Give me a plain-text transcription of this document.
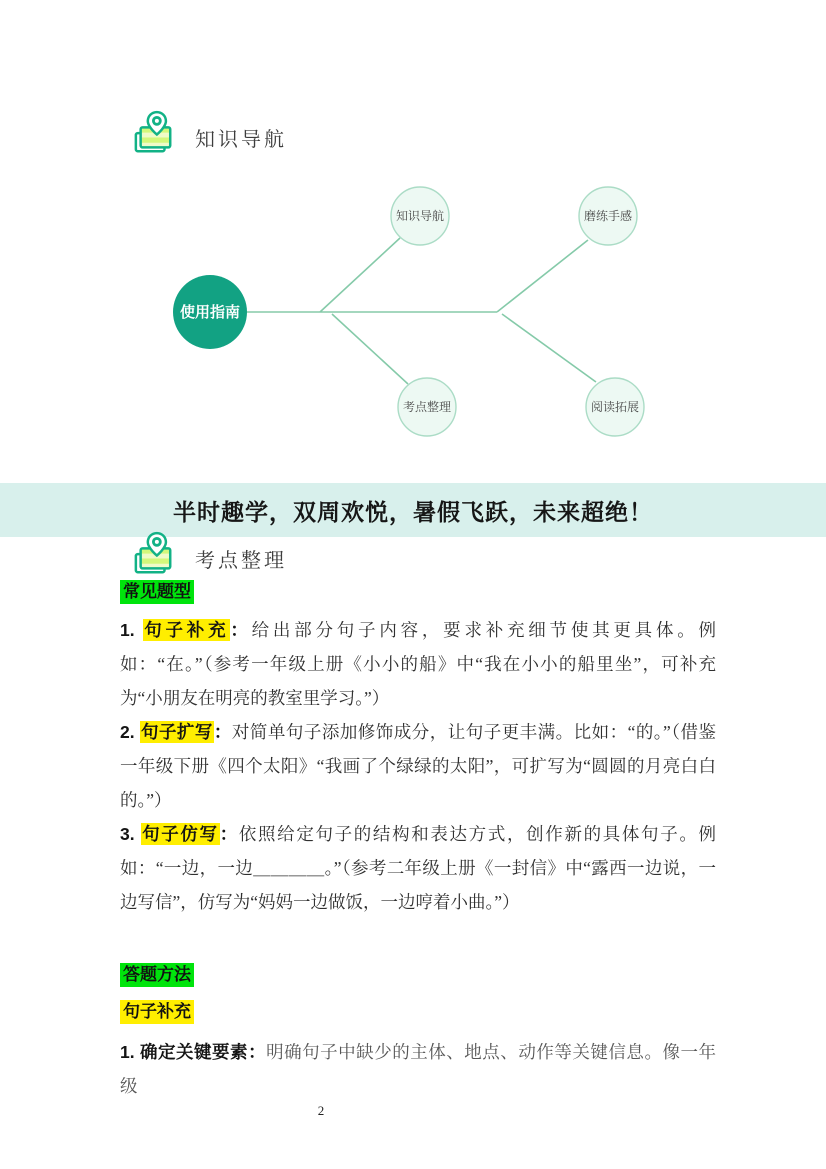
知识导航
知识导航	磨练手感
考点整理	阅读拓展
使用指南
半时趣学，双周欢悦，暑假飞跃，未来超绝！
考点整理
常见题型

1. 句子补充：给出部分句子内容，要求补充细节使其更具体。例如：“在。”（参考一年级上册《小小的船》中“我在小小的船里坐”，可补充为“小朋友在明亮的教室里学习。”）

2. 句子扩写：对简单句子添加修饰成分，让句子更丰满。比如：“的。”（借鉴一年级下册《四个太阳》“我画了个绿绿的太阳”，可扩写为“圆圆的月亮白白的。”）

3. 句子仿写：依照给定句子的结构和表达方式，创作新的具体句子。例如：“一边，一边＿＿＿＿。”（参考二年级上册《一封信》中“露西一边说，一边写信”，仿写为“妈妈一边做饭，一边哼着小曲。”）

答题方法
句子补充

1. 确定关键要素：明确句子中缺少的主体、地点、动作等关键信息。像一年级

2
